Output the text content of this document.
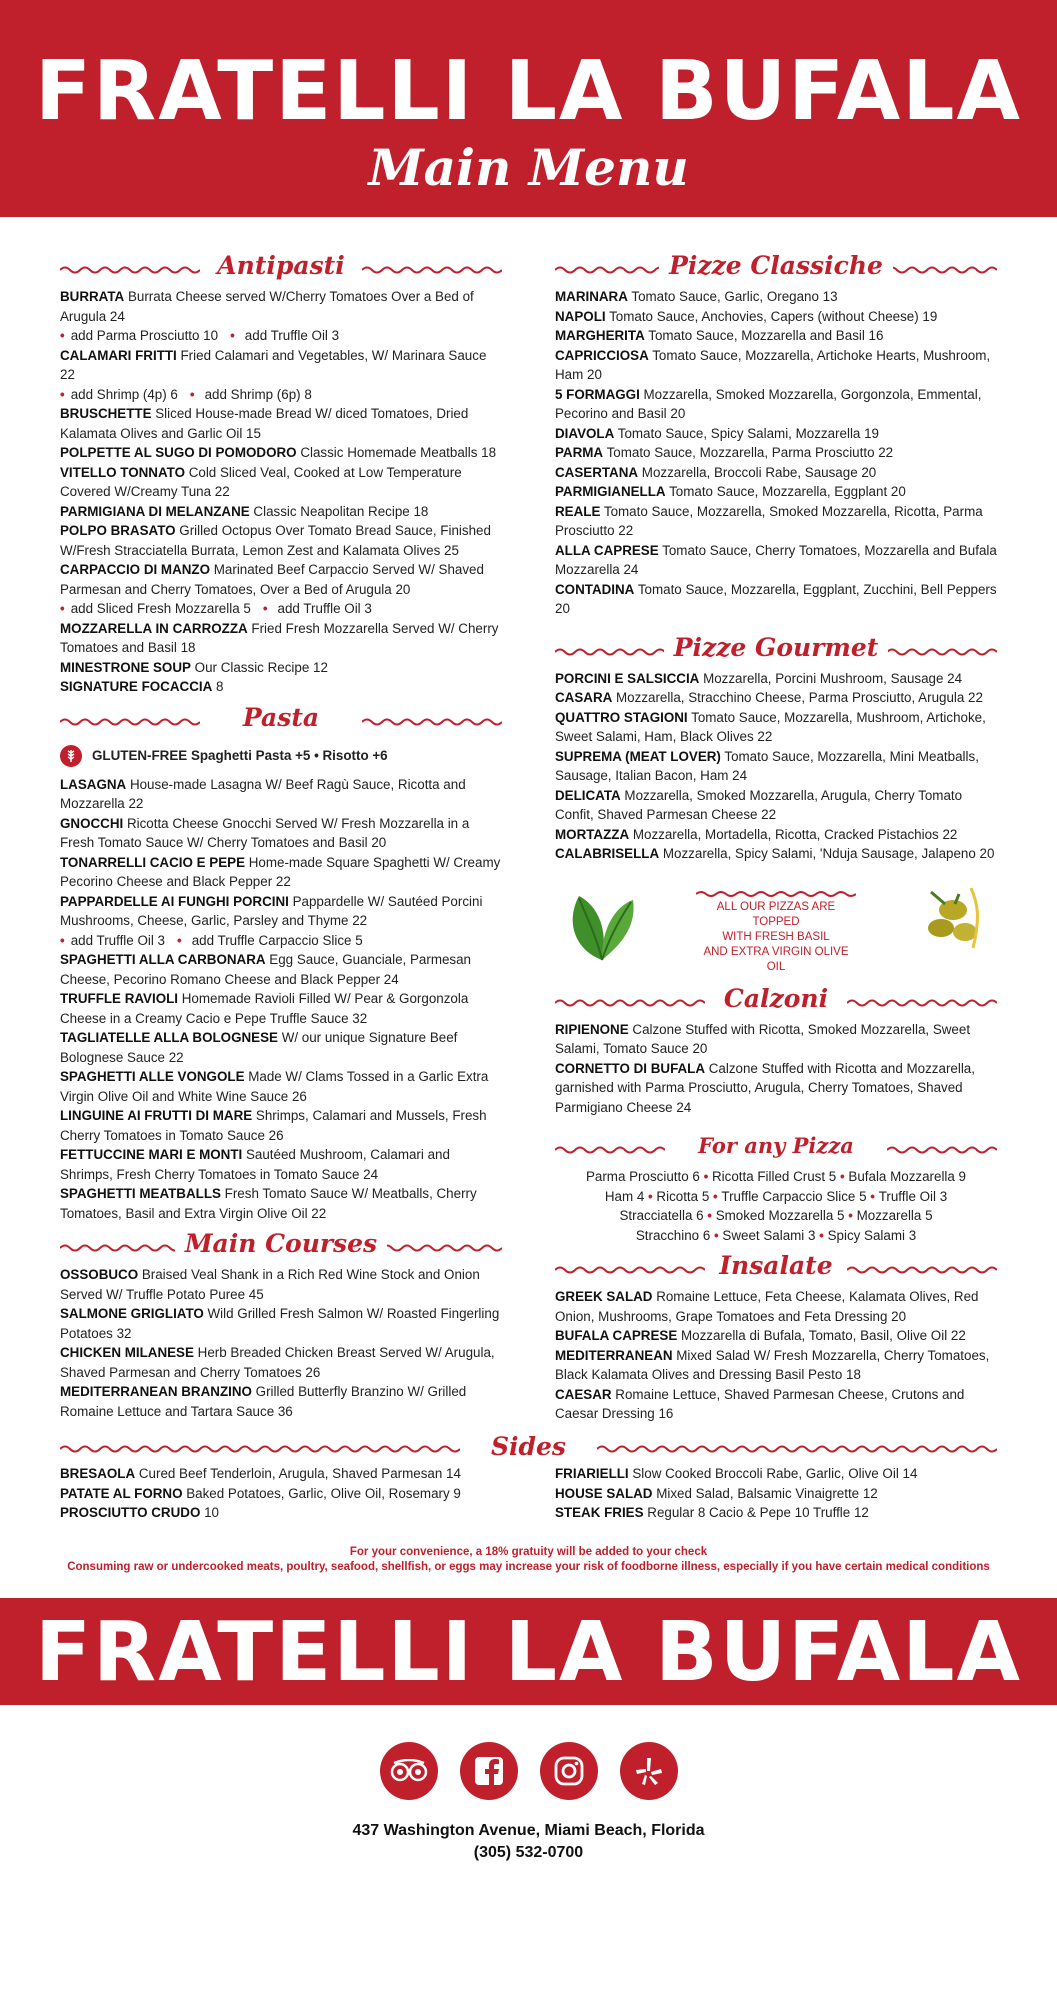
FRATELLI LA BUFALA
Main Menu
Antipasti
BURRATA Burrata Cheese served W/Cherry Tomatoes Over a Bed of Arugula 24
• add Parma Prosciutto 10 • add Truffle Oil 3
CALAMARI FRITTI Fried Calamari and Vegetables, W/ Marinara Sauce 22
• add Shrimp (4p) 6 • add Shrimp (6p) 8
BRUSCHETTE Sliced House-made Bread W/ diced Tomatoes, Dried Kalamata Olives and Garlic Oil 15
POLPETTE AL SUGO DI POMODORO Classic Homemade Meatballs 18
VITELLO TONNATO Cold Sliced Veal, Cooked at Low Temperature Covered W/Creamy Tuna 22
PARMIGIANA DI MELANZANE Classic Neapolitan Recipe 18
POLPO BRASATO Grilled Octopus Over Tomato Bread Sauce, Finished W/Fresh Stracciatella Burrata, Lemon Zest and Kalamata Olives 25
CARPACCIO DI MANZO Marinated Beef Carpaccio Served W/ Shaved Parmesan and Cherry Tomatoes, Over a Bed of Arugula 20
• add Sliced Fresh Mozzarella 5 • add Truffle Oil 3
MOZZARELLA IN CARROZZA Fried Fresh Mozzarella Served W/ Cherry Tomatoes and Basil 18
MINESTRONE SOUP Our Classic Recipe 12
SIGNATURE FOCACCIA 8
Pasta
GLUTEN-FREE Spaghetti Pasta +5 • Risotto +6
LASAGNA House-made Lasagna W/ Beef Ragù Sauce, Ricotta and Mozzarella 22
GNOCCHI Ricotta Cheese Gnocchi Served W/ Fresh Mozzarella in a Fresh Tomato Sauce W/ Cherry Tomatoes and Basil 20
TONARRELLI CACIO E PEPE Home-made Square Spaghetti W/ Creamy Pecorino Cheese and Black Pepper 22
PAPPARDELLE AI FUNGHI PORCINI Pappardelle W/ Sautéed Porcini Mushrooms, Cheese, Garlic, Parsley and Thyme 22
• add Truffle Oil 3 • add Truffle Carpaccio Slice 5
SPAGHETTI ALLA CARBONARA Egg Sauce, Guanciale, Parmesan Cheese, Pecorino Romano Cheese and Black Pepper 24
TRUFFLE RAVIOLI Homemade Ravioli Filled W/ Pear & Gorgonzola Cheese in a Creamy Cacio e Pepe Truffle Sauce 32
TAGLIATELLE ALLA BOLOGNESE W/ our unique Signature Beef Bolognese Sauce 22
SPAGHETTI ALLE VONGOLE Made W/ Clams Tossed in a Garlic Extra Virgin Olive Oil and White Wine Sauce 26
LINGUINE AI FRUTTI DI MARE Shrimps, Calamari and Mussels, Fresh Cherry Tomatoes in Tomato Sauce 26
FETTUCCINE MARI E MONTI Sautéed Mushroom, Calamari and Shrimps, Fresh Cherry Tomatoes in Tomato Sauce 24
SPAGHETTI MEATBALLS Fresh Tomato Sauce W/ Meatballs, Cherry Tomatoes, Basil and Extra Virgin Olive Oil 22
Main Courses
OSSOBUCO Braised Veal Shank in a Rich Red Wine Stock and Onion Served W/ Truffle Potato Puree 45
SALMONE GRIGLIATO Wild Grilled Fresh Salmon W/ Roasted Fingerling Potatoes 32
CHICKEN MILANESE Herb Breaded Chicken Breast Served W/ Arugula, Shaved Parmesan and Cherry Tomatoes 26
MEDITERRANEAN BRANZINO Grilled Butterfly Branzino W/ Grilled Romaine Lettuce and Tartara Sauce 36
Pizze Classiche
MARINARA Tomato Sauce, Garlic, Oregano 13
NAPOLI Tomato Sauce, Anchovies, Capers (without Cheese) 19
MARGHERITA Tomato Sauce, Mozzarella and Basil 16
CAPRICCIOSA Tomato Sauce, Mozzarella, Artichoke Hearts, Mushroom, Ham 20
5 FORMAGGI Mozzarella, Smoked Mozzarella, Gorgonzola, Emmental, Pecorino and Basil 20
DIAVOLA Tomato Sauce, Spicy Salami, Mozzarella 19
PARMA Tomato Sauce, Mozzarella, Parma Prosciutto 22
CASERTANA Mozzarella, Broccoli Rabe, Sausage 20
PARMIGIANELLA Tomato Sauce, Mozzarella, Eggplant 20
REALE Tomato Sauce, Mozzarella, Smoked Mozzarella, Ricotta, Parma Prosciutto 22
ALLA CAPRESE Tomato Sauce, Cherry Tomatoes, Mozzarella and Bufala Mozzarella 24
CONTADINA Tomato Sauce, Mozzarella, Eggplant, Zucchini, Bell Peppers 20
Pizze Gourmet
PORCINI E SALSICCIA Mozzarella, Porcini Mushroom, Sausage 24
CASARA Mozzarella, Stracchino Cheese, Parma Prosciutto, Arugula 22
QUATTRO STAGIONI Tomato Sauce, Mozzarella, Mushroom, Artichoke, Sweet Salami, Ham, Black Olives 22
SUPREMA (MEAT LOVER) Tomato Sauce, Mozzarella, Mini Meatballs, Sausage, Italian Bacon, Ham 24
DELICATA Mozzarella, Smoked Mozzarella, Arugula, Cherry Tomato Confit, Shaved Parmesan Cheese 22
MORTAZZA Mozzarella, Mortadella, Ricotta, Cracked Pistachios 22
CALABRISELLA Mozzarella, Spicy Salami, 'Nduja Sausage, Jalapeno 20
ALL OUR PIZZAS ARE TOPPED
WITH FRESH BASIL
AND EXTRA VIRGIN OLIVE OIL
Calzoni
RIPIENONE Calzone Stuffed with Ricotta, Smoked Mozzarella, Sweet Salami, Tomato Sauce 20
CORNETTO DI BUFALA Calzone Stuffed with Ricotta and Mozzarella, garnished with Parma Prosciutto, Arugula, Cherry Tomatoes, Shaved Parmigiano Cheese 24
For any Pizza
Parma Prosciutto 6 • Ricotta Filled Crust 5 • Bufala Mozzarella 9
Ham 4 • Ricotta 5 • Truffle Carpaccio Slice 5 • Truffle Oil 3
Stracciatella 6 • Smoked Mozzarella 5 • Mozzarella 5
Stracchino 6 • Sweet Salami 3 • Spicy Salami 3
Insalate
GREEK SALAD Romaine Lettuce, Feta Cheese, Kalamata Olives, Red Onion, Mushrooms, Grape Tomatoes and Feta Dressing 20
BUFALA CAPRESE Mozzarella di Bufala, Tomato, Basil, Olive Oil 22
MEDITERRANEAN Mixed Salad W/ Fresh Mozzarella, Cherry Tomatoes, Black Kalamata Olives and Dressing Basil Pesto 18
CAESAR Romaine Lettuce, Shaved Parmesan Cheese, Crutons and Caesar Dressing 16
Sides
BRESAOLA Cured Beef Tenderloin, Arugula, Shaved Parmesan 14
PATATE AL FORNO Baked Potatoes, Garlic, Olive Oil, Rosemary 9
PROSCIUTTO CRUDO 10
FRIARIELLI Slow Cooked Broccoli Rabe, Garlic, Olive Oil 14
HOUSE SALAD Mixed Salad, Balsamic Vinaigrette 12
STEAK FRIES Regular 8 Cacio & Pepe 10 Truffle 12
For your convenience, a 18% gratuity will be added to your check
Consuming raw or undercooked meats, poultry, seafood, shellfish, or eggs may increase your risk of foodborne illness, especially if you have certain medical conditions
FRATELLI LA BUFALA
437 Washington Avenue, Miami Beach, Florida
(305) 532-0700
